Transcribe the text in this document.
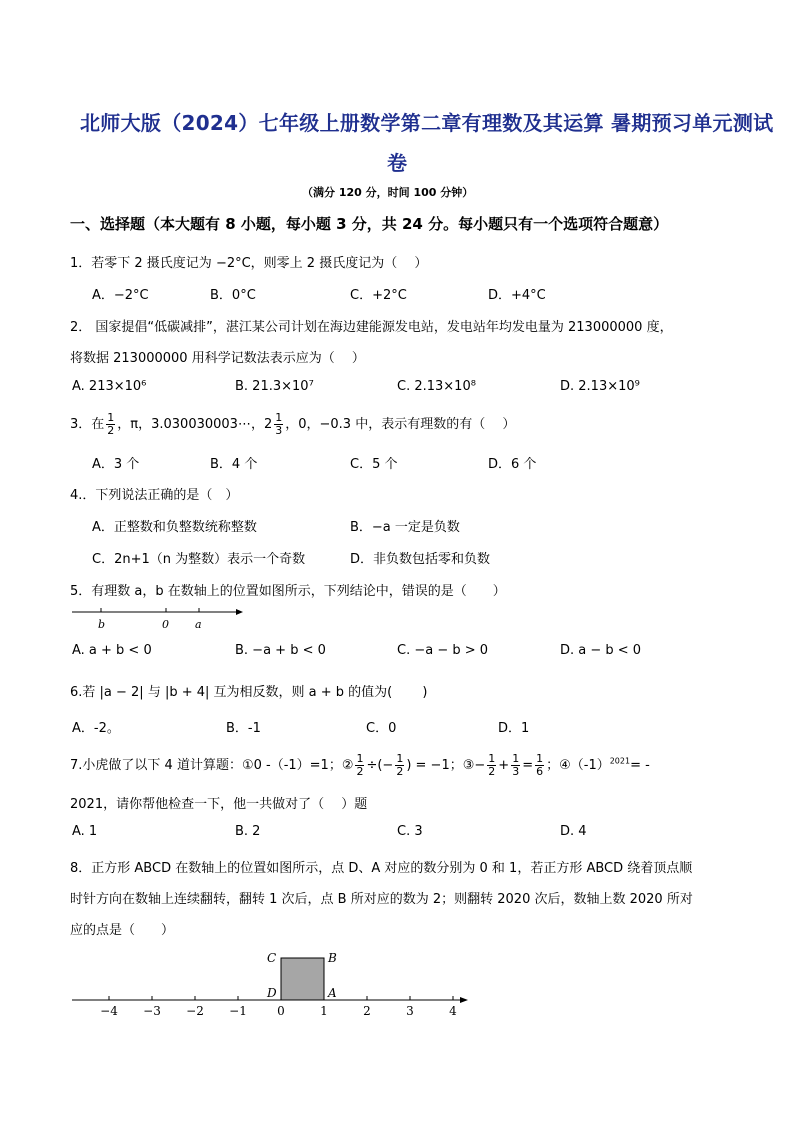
北师大版（2024）七年级上册数学第二章有理数及其运算 暑期预习单元测试
卷
（满分 120 分，时间 100 分钟）
一、选择题（本大题有 8 小题，每小题 3 分，共 24 分。每小题只有一个选项符合题意）
1．若零下 2 摄氏度记为 −2°C，则零上 2 摄氏度记为（　 ）
A．−2°C	B．0°C	C．+2°C	D．+4°C
2． 国家提倡“低碳减排”，湛江某公司计划在海边建能源发电站，发电站年均发电量为 213000000 度，
将数据 213000000 用科学记数法表示应为（　 ）
A. 213×10⁶	B. 21.3×10⁷	C. 2.13×10⁸	D. 2.13×10⁹
3．在 $\frac{1}{2}$ ，π，3.030030003⋯，$2 \frac{1}{3}$ ，0，−0.3 中，表示有理数的有（　 ）
A．3 个	B．4 个	C．5 个	D．6 个
4.．下列说法正确的是（　）
A．正整数和负整数统称整数	B．−a 一定是负数
C．2n+1（n 为整数）表示一个奇数	D．非负数包括零和负数
5．有理数 a，b 在数轴上的位置如图所示，下列结论中，错误的是（　　）
b	0 a
A. a + b < 0	B. −a + b < 0	C. −a − b > 0	D. a − b < 0
6.若 |a − 2| 与 |b + 4| 互为相反数，则 a + b 的值为(　　 )
A．-2。	B．-1	C．0	D．1
7.小虎做了以下 4 道计算题：①0 -（-1）=1；② $\frac{1}{2}$ ÷(− $\frac{1}{2}$ ) = −1；③− $\frac{1}{2} + \frac{1}{3} = \frac{1}{6}$ ；$④(-1)^{2021}=$ -
2021，请你帮他检查一下，他一共做对了（　 ）题
A. 1	B. 2	C. 3	D. 4
8．正方形 ABCD 在数轴上的位置如图所示，点 D、A 对应的数分别为 0 和 1，若正方形 ABCD 绕着顶点顺
时针方向在数轴上连续翻转，翻转 1 次后，点 B 所对应的数为 2；则翻转 2020 次后，数轴上数 2020 所对
应的点是（　　）
−4 −3 −2 −1	0	1	2	3	4
C	B
D	A
